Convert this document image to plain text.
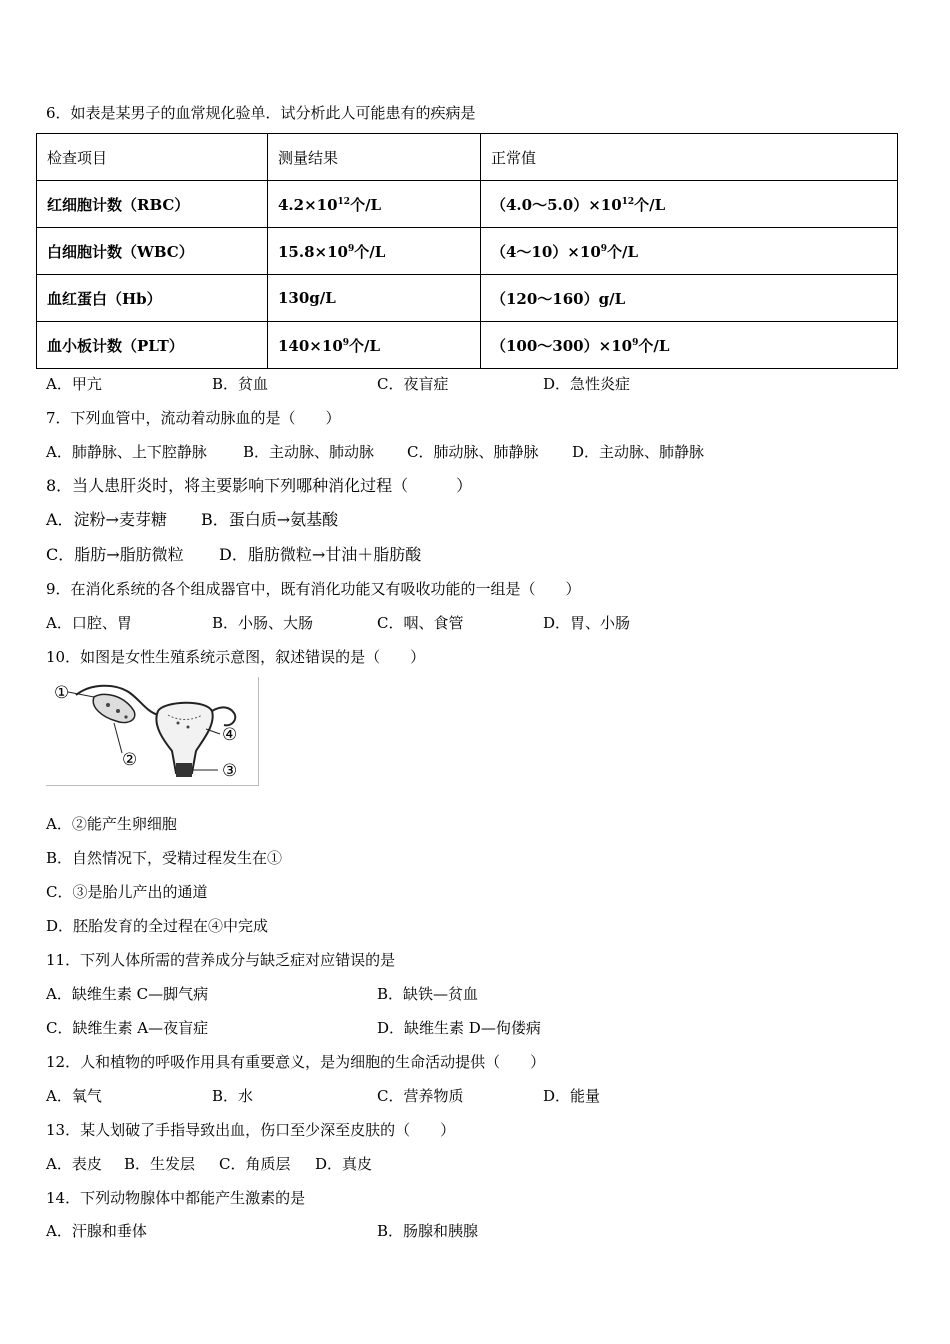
6．如表是某男子的血常规化验单．试分析此人可能患有的疾病是
检查项目	测量结果	正常值
红细胞计数（RBC）	$4.2\times 10^{12}$个/L	$(4.0\sim 5.0)\times 10^{12}$个/L
白细胞计数（WBC）	$15.8\times 10^9$个/L	$(4\sim 10)\times 10^9$个/L
血红蛋白（Hb）	130g/L	（120～160）g/L
血小板计数（PLT）	$140\times 10^9$个/L	$(100\sim 300)\times 10^9$个/L
A．甲亢	B．贫血	C．夜盲症	D．急性炎症
7．下列血管中，流动着动脉血的是（　　）
A．肺静脉、上下腔静脉 B．主动脉、肺动脉 C．肺动脉、肺静脉 D．主动脉、肺静脉
8．当人患肝炎时，将主要影响下列哪种消化过程（　　　）
A．淀粉→麦芽糖 B．蛋白质→氨基酸
C．脂肪→脂肪微粒 D．脂肪微粒→甘油＋脂肪酸
9．在消化系统的各个组成器官中，既有消化功能又有吸收功能的一组是（　　）
A．口腔、胃	B．小肠、大肠	C．咽、食管	D．胃、小肠
10．如图是女性生殖系统示意图，叙述错误的是（　　）
①
②
③
④
A．②能产生卵细胞
B．自然情况下，受精过程发生在①
C．③是胎儿产出的通道
D．胚胎发育的全过程在④中完成
11．下列人体所需的营养成分与缺乏症对应错误的是
A．缺维生素 C—脚气病	B．缺铁—贫血
C．缺维生素 A—夜盲症	D．缺维生素 D—佝偻病
12．人和植物的呼吸作用具有重要意义，是为细胞的生命活动提供（　　）
A．氧气	B．水	C．营养物质	D．能量
13．某人划破了手指导致出血，伤口至少深至皮肤的（　　）
A．表皮 B．生发层 C．角质层 D．真皮
14．下列动物腺体中都能产生激素的是
A．汗腺和垂体	B．肠腺和胰腺
